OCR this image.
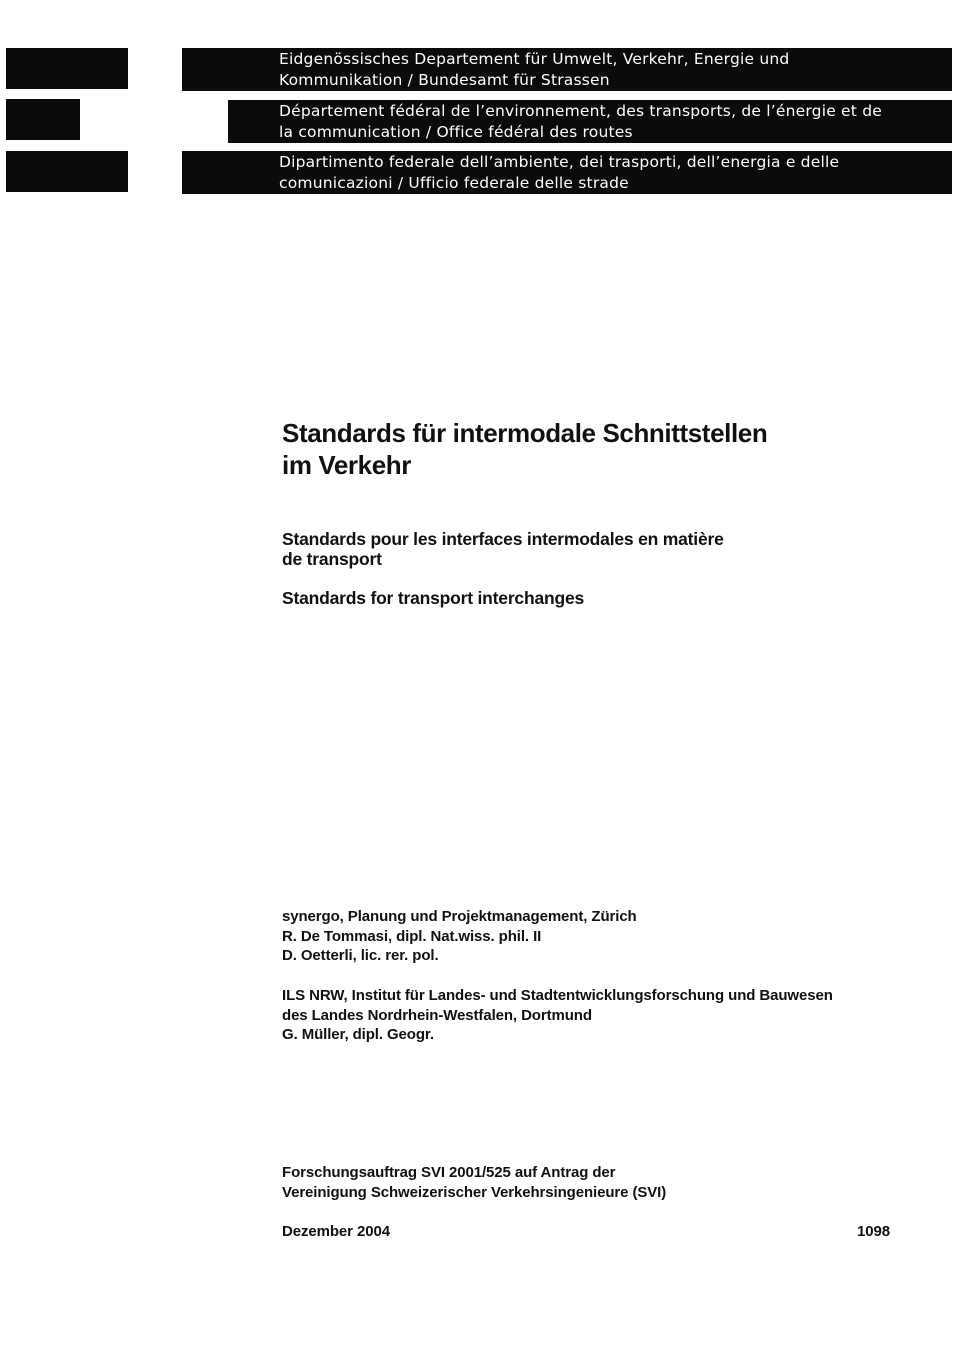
Eidgenössisches Departement für Umwelt, Verkehr, Energie und
Kommunikation / Bundesamt für Strassen
Département fédéral de l’environnement, des transports, de l’énergie et de
la communication / Office fédéral des routes
Dipartimento federale dell’ambiente, dei trasporti, dell’energia e delle
comunicazioni / Ufficio federale delle strade
Standards für intermodale Schnittstellen
im Verkehr
Standards pour les interfaces intermodales en matière
de transport
Standards for transport interchanges
synergo, Planung und Projektmanagement, Zürich
R. De Tommasi, dipl. Nat.wiss. phil. II
D. Oetterli, lic. rer. pol.
ILS NRW, Institut für Landes- und Stadtentwicklungsforschung und Bauwesen
des Landes Nordrhein-Westfalen, Dortmund
G. Müller, dipl. Geogr.
Forschungsauftrag SVI 2001/525 auf Antrag der
Vereinigung Schweizerischer Verkehrsingenieure (SVI)
Dezember 2004	1098
